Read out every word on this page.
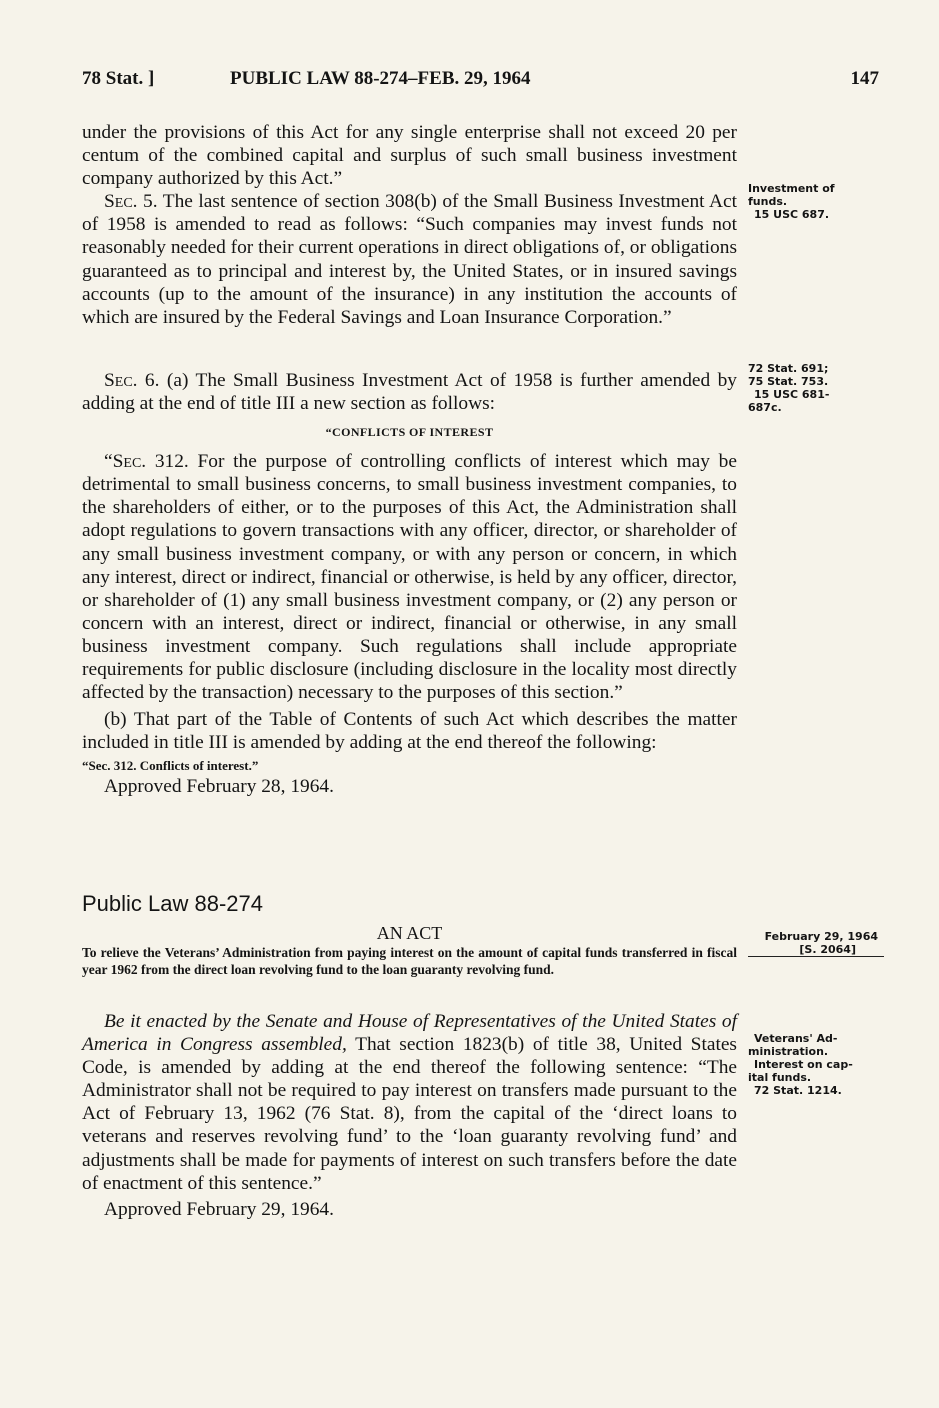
78 Stat. ]	PUBLIC LAW 88-274–FEB. 29, 1964	147

under the provisions of this Act for any single enterprise shall not exceed 20 per centum of the combined capital and surplus of such small business investment company authorized by this Act.”

Sec. 5. The last sentence of section 308(b) of the Small Business Investment Act of 1958 is amended to read as follows: “Such companies may invest funds not reasonably needed for their current operations in direct obligations of, or obligations guaranteed as to principal and interest by, the United States, or in insured savings accounts (up to the amount of the insurance) in any institution the accounts of which are insured by the Federal Savings and Loan Insurance Corporation.”

Sec. 6. (a) The Small Business Investment Act of 1958 is further amended by adding at the end of title III a new section as follows:

“CONFLICTS OF INTEREST

“Sec. 312. For the purpose of controlling conflicts of interest which may be detrimental to small business concerns, to small business investment companies, to the shareholders of either, or to the purposes of this Act, the Administration shall adopt regulations to govern transactions with any officer, director, or shareholder of any small business investment company, or with any person or concern, in which any interest, direct or indirect, financial or otherwise, is held by any officer, director, or shareholder of (1) any small business investment company, or (2) any person or concern with an interest, direct or indirect, financial or otherwise, in any small business investment company. Such regulations shall include appropriate requirements for public disclosure (including disclosure in the locality most directly affected by the transaction) necessary to the purposes of this section.”

(b) That part of the Table of Contents of such Act which describes the matter included in title III is amended by adding at the end thereof the following:

“Sec. 312. Conflicts of interest.”

Approved February 28, 1964.

Public Law 88-274
AN ACT
To relieve the Veterans’ Administration from paying interest on the amount of capital funds transferred in fiscal year 1962 from the direct loan revolving fund to the loan guaranty revolving fund.

Be it enacted by the Senate and House of Representatives of the United States of America in Congress assembled, That section 1823(b) of title 38, United States Code, is amended by adding at the end thereof the following sentence: “The Administrator shall not be required to pay interest on transfers made pursuant to the Act of February 13, 1962 (76 Stat. 8), from the capital of the ‘direct loans to veterans and reserves revolving fund’ to the ‘loan guaranty revolving fund’ and adjustments shall be made for payments of interest on such transfers before the date of enactment of this sentence.”

Approved February 29, 1964.

Investment of
funds.
15 USC 687.
72 Stat. 691;
75 Stat. 753.
15 USC 681-
687c.
February 29, 1964
[S. 2064]
Veterans' Ad-
ministration.
Interest on cap-
ital funds.
72 Stat. 1214.
